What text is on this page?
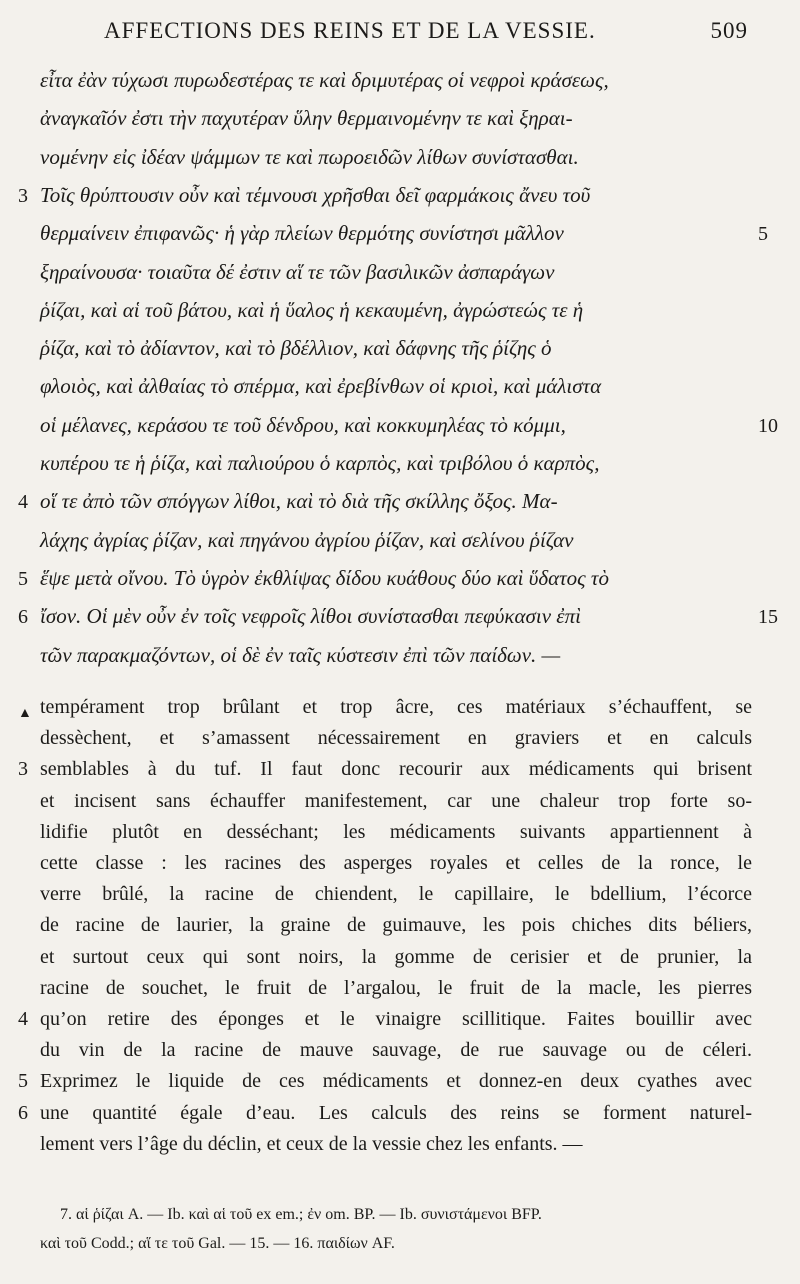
AFFECTIONS DES REINS ET DE LA VESSIE.	509
εἶτα ἐὰν τύχωσι πυρωδεστέρας τε καὶ δριμυτέρας οἱ νεφροὶ κράσεως,
ἀναγκαῖόν ἐστι τὴν παχυτέραν ὕλην θερμαινομένην τε καὶ ξηραι-
νομένην εἰς ἰδέαν ψάμμων τε καὶ πωροειδῶν λίθων συνίστασθαι.
Τοῖς θρύπτουσιν οὖν καὶ τέμνουσι χρῆσθαι δεῖ φαρμάκοις ἄνευ τοῦ
3
θερμαίνειν ἐπιφανῶς· ἡ γὰρ πλείων θερμότης συνίστησι μᾶλλον	5
ξηραίνουσα· τοιαῦτα δέ ἐστιν αἵ τε τῶν βασιλικῶν ἀσπαράγων
ῥίζαι, καὶ αἱ τοῦ βάτου, καὶ ἡ ὕαλος ἡ κεκαυμένη, ἀγρώστεώς τε ἡ
ῥίζα, καὶ τὸ ἀδίαντον, καὶ τὸ βδέλλιον, καὶ δάφνης τῆς ῥίζης ὁ
φλοιὸς, καὶ ἀλθαίας τὸ σπέρμα, καὶ ἐρεβίνθων οἱ κριοὶ, καὶ μάλιστα
οἱ μέλανες, κεράσου τε τοῦ δένδρου, καὶ κοκκυμηλέας τὸ κόμμι,	10
κυπέρου τε ἡ ῥίζα, καὶ παλιούρου ὁ καρπὸς, καὶ τριβόλου ὁ καρπὸς,
οἵ τε ἀπὸ τῶν σπόγγων λίθοι, καὶ τὸ διὰ τῆς σκίλλης ὄξος. Μα-
4
λάχης ἀγρίας ῥίζαν, καὶ πηγάνου ἀγρίου ῥίζαν, καὶ σελίνου ῥίζαν
ἕψε μετὰ οἴνου. Τὸ ὑγρὸν ἐκθλίψας δίδου κυάθους δύο καὶ ὕδατος τὸ
5
ἴσον. Οἱ μὲν οὖν ἐν τοῖς νεφροῖς λίθοι συνίστασθαι πεφύκασιν ἐπὶ
6	15
τῶν παρακμαζόντων, οἱ δὲ ἐν ταῖς κύστεσιν ἐπὶ τῶν παίδων. —
tempérament trop brûlant et trop âcre, ces matériaux s’échauffent, se
dessèchent, et s’amassent nécessairement en graviers et en calculs
semblables à du tuf. Il faut donc recourir aux médicaments qui brisent
3
et incisent sans échauffer manifestement, car une chaleur trop forte so-
lidifie plutôt en desséchant; les médicaments suivants appartiennent à
cette classe : les racines des asperges royales et celles de la ronce, le
verre brûlé, la racine de chiendent, le capillaire, le bdellium, l’écorce
de racine de laurier, la graine de guimauve, les pois chiches dits béliers,
et surtout ceux qui sont noirs, la gomme de cerisier et de prunier, la
racine de souchet, le fruit de l’argalou, le fruit de la macle, les pierres
qu’on retire des éponges et le vinaigre scillitique. Faites bouillir avec
4
du vin de la racine de mauve sauvage, de rue sauvage ou de céleri.
Exprimez le liquide de ces médicaments et donnez-en deux cyathes avec
5
une quantité égale d’eau. Les calculs des reins se forment naturel-
6
lement vers l’âge du déclin, et ceux de la vessie chez les enfants. —
▲
7. αἱ ῥίζαι A. — Ib. καὶ αἱ τοῦ ex em.; ἐν om. BP. — Ib. συνιστάμενοι BFP.
καὶ τοῦ Codd.; αἵ τε τοῦ Gal. — 15. — 16. παιδίων AF.
